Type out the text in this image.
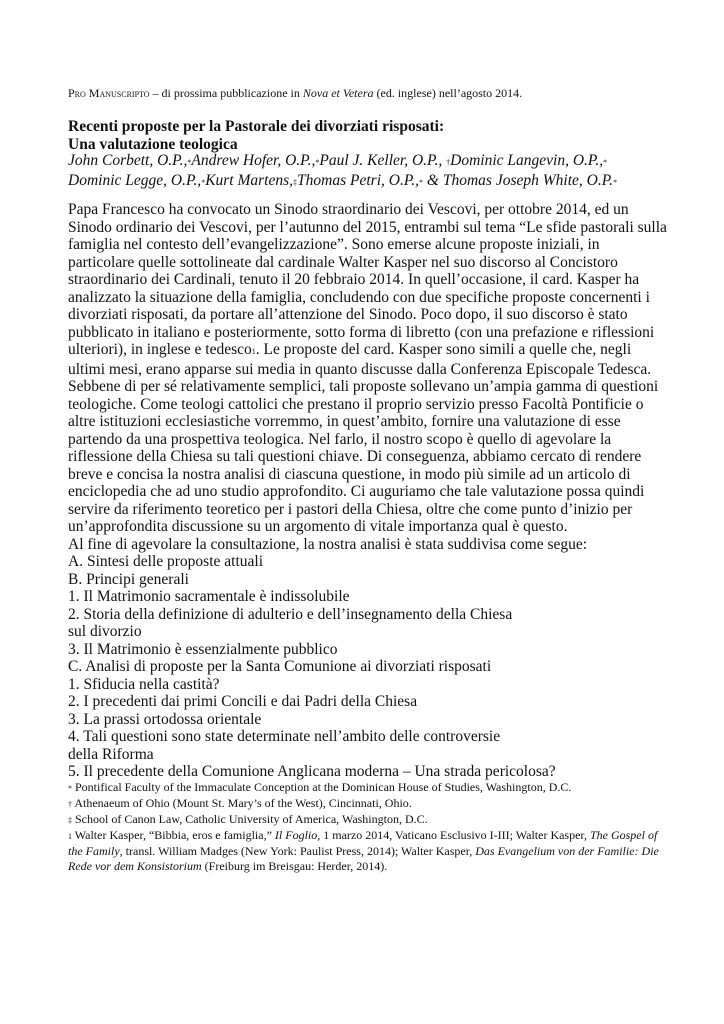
Pro Manuscripto – di prossima pubblicazione in Nova et Vetera (ed. inglese) nell’agosto 2014.
Recenti proposte per la Pastorale dei divorziati risposati:
Una valutazione teologica
John Corbett, O.P.,*Andrew Hofer, O.P.,*Paul J. Keller, O.P., †Dominic Langevin, O.P.,*
Dominic Legge, O.P.,*Kurt Martens,‡Thomas Petri, O.P.,* & Thomas Joseph White, O.P.*

Papa Francesco ha convocato un Sinodo straordinario dei Vescovi, per ottobre 2014, ed un Sinodo ordinario dei Vescovi, per l’autunno del 2015, entrambi sul tema “Le sfide pastorali sulla famiglia nel contesto dell’evangelizzazione”. Sono emerse alcune proposte iniziali, in particolare quelle sottolineate dal cardinale Walter Kasper nel suo discorso al Concistoro straordinario dei Cardinali, tenuto il 20 febbraio 2014. In quell’occasione, il card. Kasper ha analizzato la situazione della famiglia, concludendo con due specifiche proposte concernenti i divorziati risposati, da portare all’attenzione del Sinodo. Poco dopo, il suo discorso è stato pubblicato in italiano e posteriormente, sotto forma di libretto (con una prefazione e riflessioni ulteriori), in inglese e tedesco1. Le proposte del card. Kasper sono simili a quelle che, negli ultimi mesi, erano apparse sui media in quanto discusse dalla Conferenza Episcopale Tedesca.

Sebbene di per sé relativamente semplici, tali proposte sollevano un’ampia gamma di questioni teologiche. Come teologi cattolici che prestano il proprio servizio presso Facoltà Pontificie o altre istituzioni ecclesiastiche vorremmo, in quest’ambito, fornire una valutazione di esse partendo da una prospettiva teologica. Nel farlo, il nostro scopo è quello di agevolare la riflessione della Chiesa su tali questioni chiave. Di conseguenza, abbiamo cercato di rendere breve e concisa la nostra analisi di ciascuna questione, in modo più simile ad un articolo di enciclopedia che ad uno studio approfondito. Ci auguriamo che tale valutazione possa quindi servire da riferimento teoretico per i pastori della Chiesa, oltre che come punto d’inizio per un’approfondita discussione su un argomento di vitale importanza qual è questo.

Al fine di agevolare la consultazione, la nostra analisi è stata suddivisa come segue:

A. Sintesi delle proposte attuali
B. Principi generali
1. Il Matrimonio sacramentale è indissolubile
2. Storia della definizione di adulterio e dell’insegnamento della Chiesa sul divorzio
3. Il Matrimonio è essenzialmente pubblico
C. Analisi di proposte per la Santa Comunione ai divorziati risposati
1. Sfiducia nella castità?
2. I precedenti dai primi Concili e dai Padri della Chiesa
3. La prassi ortodossa orientale
4. Tali questioni sono state determinate nell’ambito delle controversie della Riforma
5. Il precedente della Comunione Anglicana moderna – Una strada pericolosa?
* Pontifical Faculty of the Immaculate Conception at the Dominican House of Studies, Washington, D.C.
† Athenaeum of Ohio (Mount St. Mary’s of the West), Cincinnati, Ohio.
‡ School of Canon Law, Catholic University of America, Washington, D.C.
1 Walter Kasper, “Bibbia, eros e famiglia,” Il Foglio, 1 marzo 2014, Vaticano Esclusivo I-III; Walter Kasper, The Gospel of the Family, transl. William Madges (New York: Paulist Press, 2014); Walter Kasper, Das Evangelium von der Familie: Die Rede vor dem Konsistorium (Freiburg im Breisgau: Herder, 2014).
